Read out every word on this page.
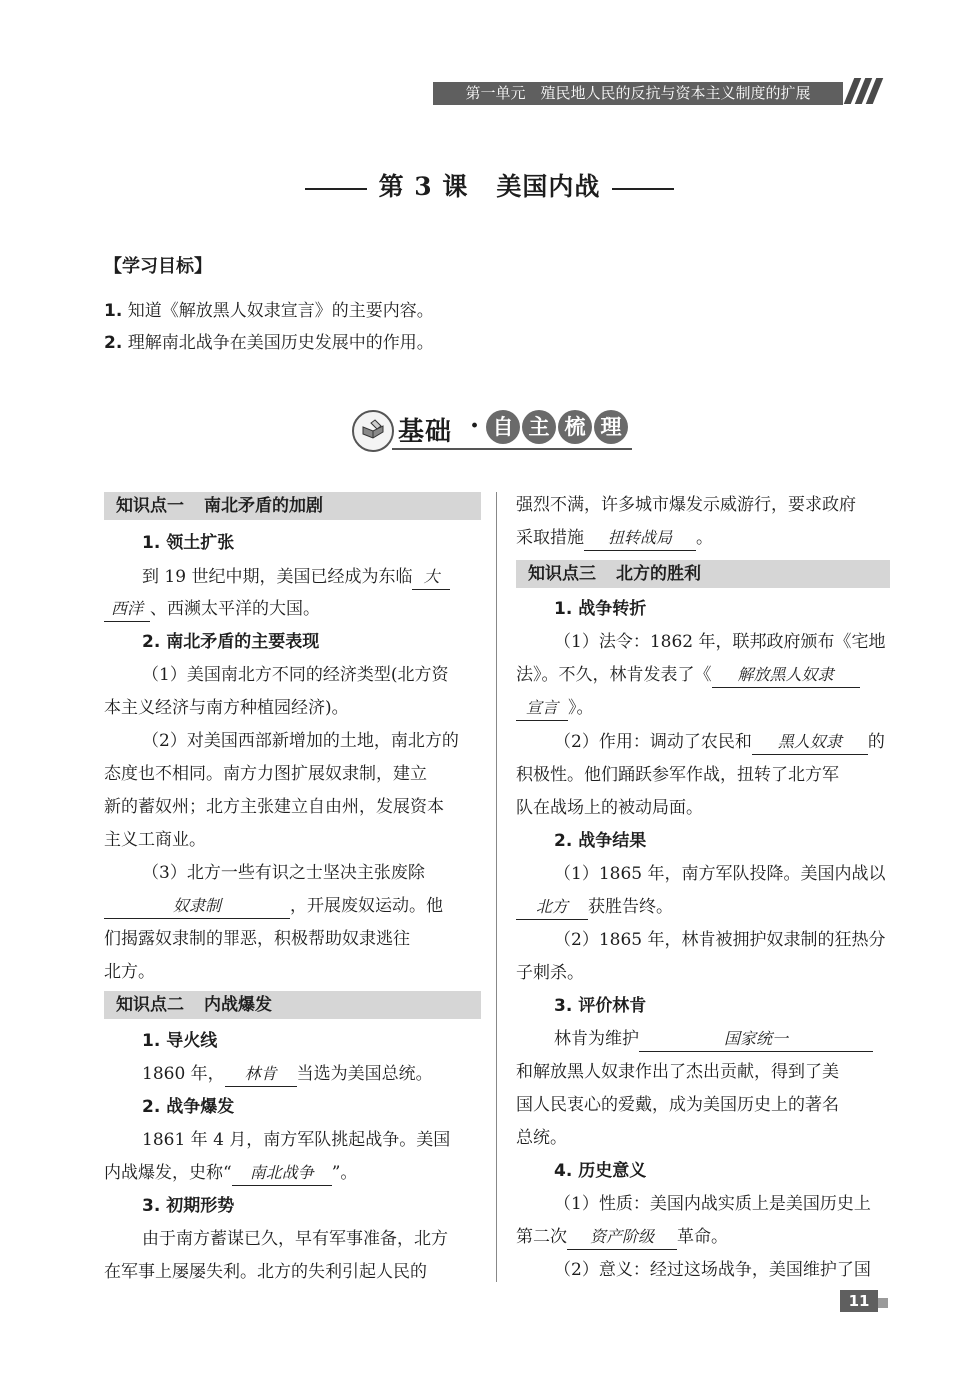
第一单元　殖民地人民的反抗与资本主义制度的扩展
第 3 课 美国内战
【学习目标】
1. 知道《解放黑人奴隶宣言》的主要内容。
2. 理解南北战争在美国历史发展中的作用。
基础 · 自 主 梳 理
知识点一 南北矛盾的加剧
1. 领土扩张
到 19 世纪中期，美国已经成为东临 大
西洋 、西濒太平洋的大国。
2. 南北矛盾的主要表现
（1）美国南北方不同的经济类型(北方资
本主义经济与南方种植园经济)。
（2）对美国西部新增加的土地，南北方的
态度也不相同。南方力图扩展奴隶制，建立
新的蓄奴州；北方主张建立自由州，发展资本
主义工商业。
（3）北方一些有识之士坚决主张废除
奴隶制	，开展废奴运动。他
们揭露奴隶制的罪恶，积极帮助奴隶逃往
北方。
知识点二 内战爆发
1. 导火线
1860 年， 林肯 当选为美国总统。
2. 战争爆发
1861 年 4 月，南方军队挑起战争。美国
内战爆发，史称“ 南北战争 ”。
3. 初期形势
由于南方蓄谋已久，早有军事准备，北方
在军事上屡屡失利。北方的失利引起人民的
强烈不满，许多城市爆发示威游行，要求政府
采取措施 扭转战局 。
知识点三 北方的胜利
1. 战争转折
（1）法令：1862 年，联邦政府颁布《宅地
法》。不久，林肯发表了《 解放黑人奴隶
宣言 》。
（2）作用：调动了农民和 黑人奴隶 的
积极性。他们踊跃参军作战，扭转了北方军
队在战场上的被动局面。
2. 战争结果
（1）1865 年，南方军队投降。美国内战以
北方 获胜告终。
（2）1865 年，林肯被拥护奴隶制的狂热分
子刺杀。
3. 评价林肯
林肯为维护	国家统一
和解放黑人奴隶作出了杰出贡献，得到了美
国人民衷心的爱戴，成为美国历史上的著名
总统。
4. 历史意义
（1）性质：美国内战实质上是美国历史上
第二次 资产阶级 革命。
（2）意义：经过这场战争，美国维护了国
11
